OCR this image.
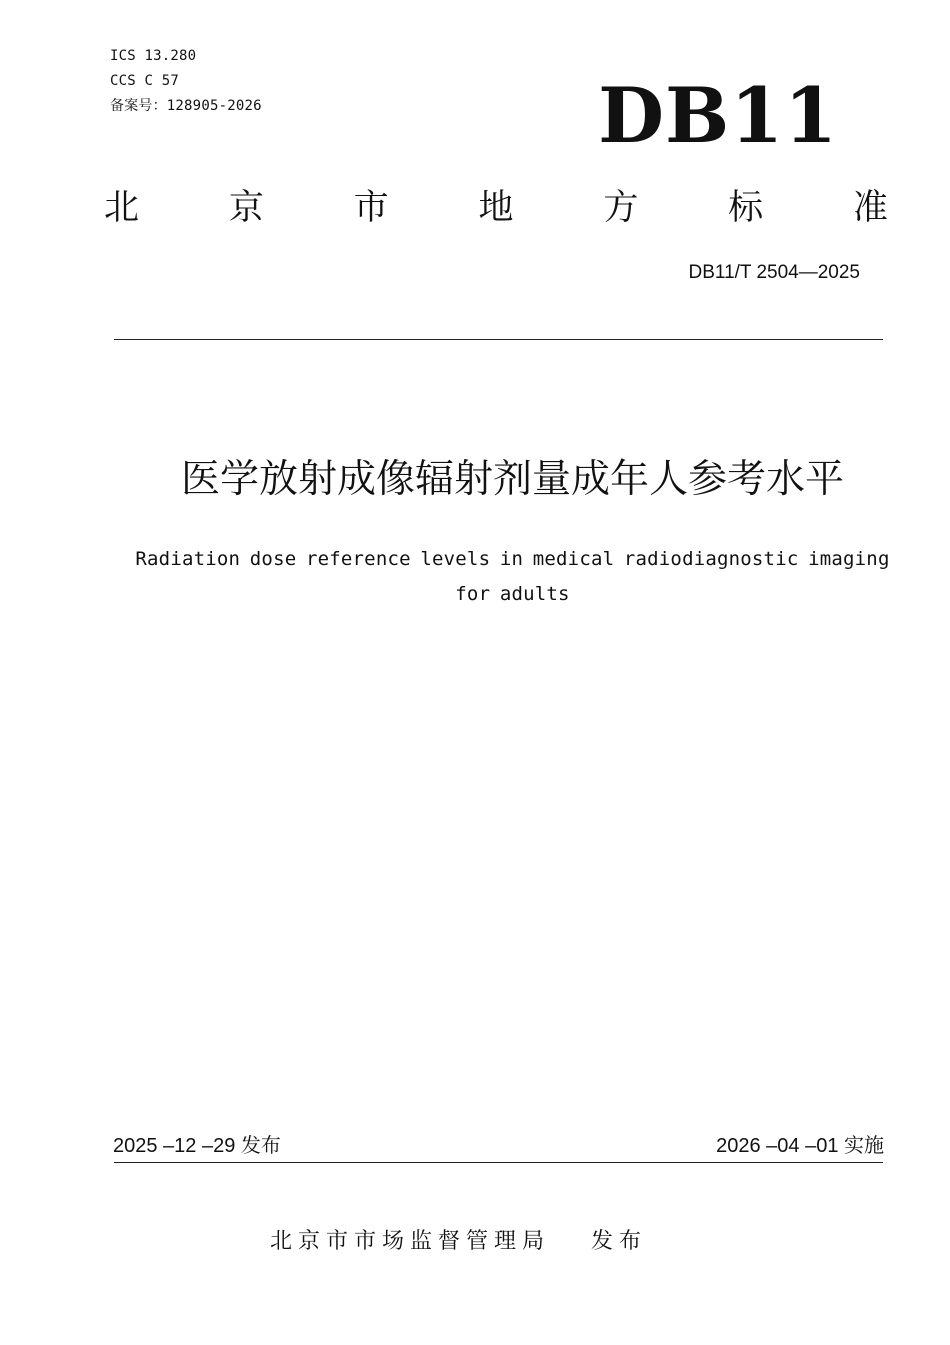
ICS 13.280
CCS C 57
备案号：128905-2026	DB11
北	京	市	地	方	标	准
DB11/T 2504—2025
医学放射成像辐射剂量成年人参考水平
Radiation dose reference levels in medical radiodiagnostic imaging for adults
2025 –12 –29 发布	2026 –04 –01 实施
北京市市场监督管理局　 发布
